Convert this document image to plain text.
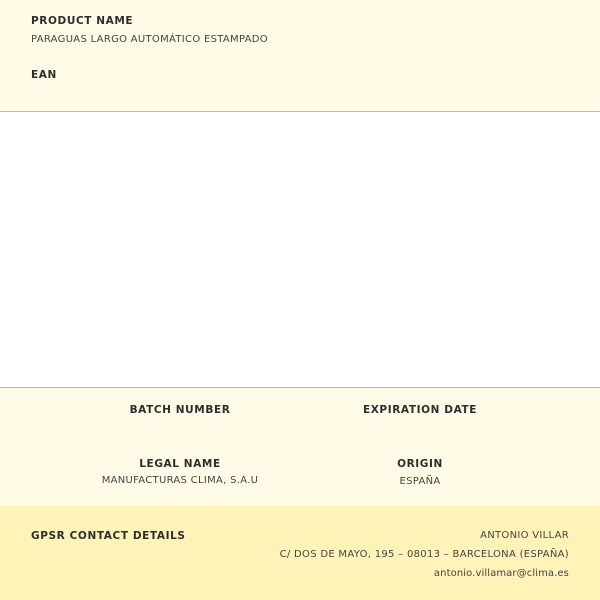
PRODUCT NAME
PARAGUAS LARGO AUTOMÁTICO ESTAMPADO
EAN
BATCH NUMBER	EXPIRATION DATE
LEGAL NAME
MANUFACTURAS CLIMA, S.A.U
ORIGIN
ESPAÑA
GPSR CONTACT DETAILS	ANTONIO VILLAR
C/ DOS DE MAYO, 195 – 08013 – BARCELONA (ESPAÑA)
antonio.villamar@clima.es
